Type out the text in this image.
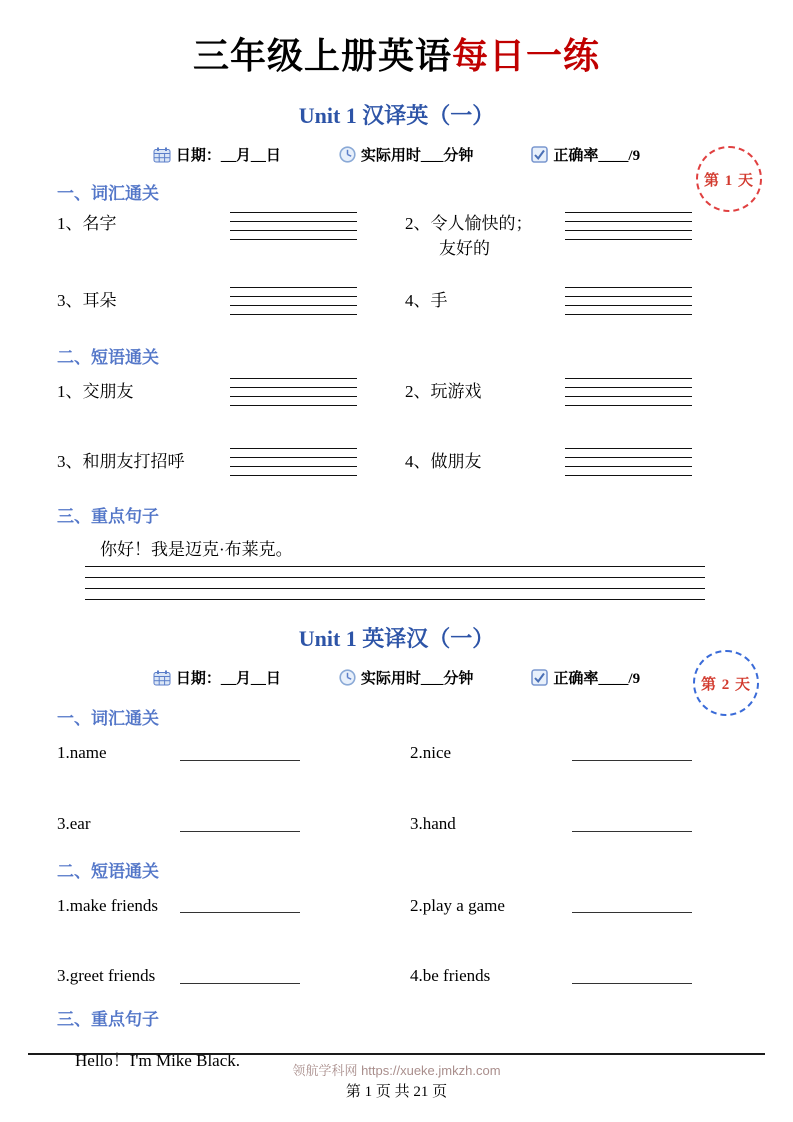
三年级上册英语每日一练
Unit 1 汉译英（一）
日期：__月__日	实际用时___分钟	正确率____/9
第 1 天
第 2 天
一、词汇通关
1、名字	2、令人愉快的；
友好的
3、耳朵	4、手
二、短语通关
1、交朋友	2、玩游戏
3、和朋友打招呼	4、做朋友
三、重点句子
你好！我是迈克·布莱克。
Unit 1 英译汉（一）
日期：__月__日	实际用时___分钟	正确率____/9
一、词汇通关
1.name	2.nice
3.ear	3.hand
二、短语通关
1.make friends	2.play a game
3.greet friends	4.be friends
三、重点句子
Hello！I'm Mike Black.
领航学科网 https://xueke.jmkzh.com
第 1 页 共 21 页
